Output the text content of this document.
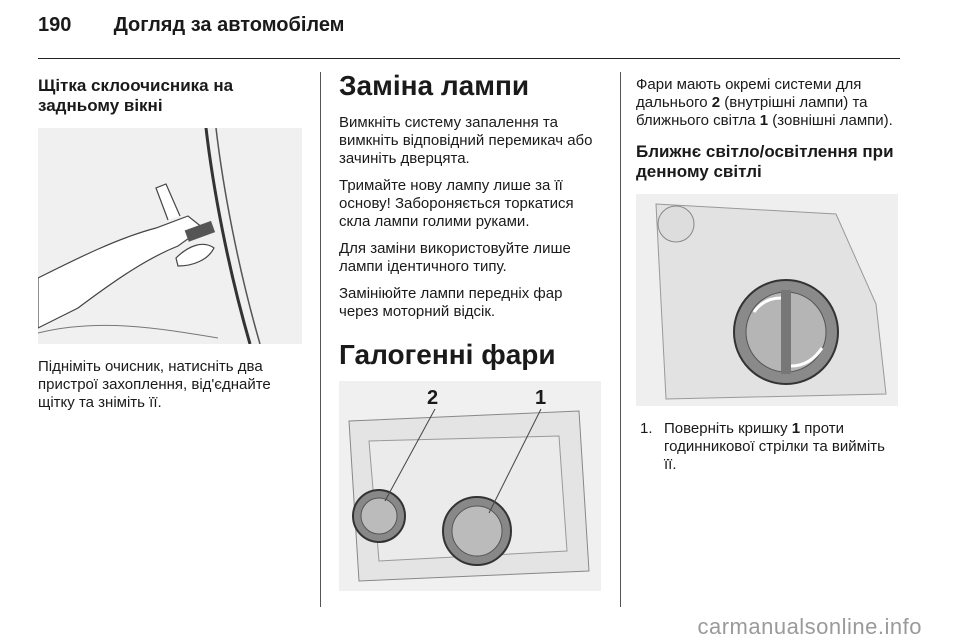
190 Догляд за автомобілем
Щітка склоочисника на задньому вікні

Підніміть очисник, натисніть два пристрої захоплення, від'єднайте щітку та зніміть її.

Заміна лампи

Вимкніть систему запалення та вимкніть відповідний перемикач або зачиніть дверцята.

Тримайте нову лампу лише за її основу! Забороняється торкатися скла лампи голими руками.

Для заміни використовуйте лише лампи ідентичного типу.

Замініюйте лампи передніх фар через моторний відсік.

Галогенні фари
2	1

Фари мають окремі системи для дальнього 2 (внутрішні лампи) та ближнього світла 1 (зовнішні лампи).

Ближнє світло/освітлення при денному світлі
1. Поверніть кришку 1 проти годинникової стрілки та вийміть її.
carmanualsonline.info
